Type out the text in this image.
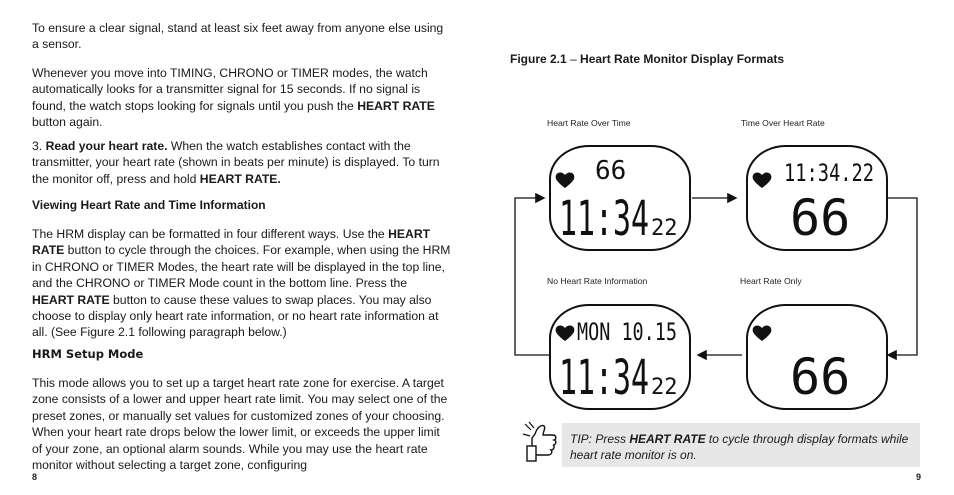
To ensure a clear signal, stand at least six feet away from anyone else using a sensor.

Whenever you move into TIMING, CHRONO or TIMER modes, the watch automatically looks for a transmitter signal for 15 seconds. If no signal is found, the watch stops looking for signals until you push the HEART RATE button again.

3. Read your heart rate. When the watch establishes contact with the transmitter, your heart rate (shown in beats per minute) is displayed. To turn the monitor off, press and hold HEART RATE.

Viewing Heart Rate and Time Information

The HRM display can be formatted in four different ways. Use the HEART RATE button to cycle through the choices. For example, when using the HRM in CHRONO or TIMER Modes, the heart rate will be displayed in the top line, and the CHRONO or TIMER Mode count in the bottom line. Press the HEART RATE button to cause these values to swap places. You may also choose to display only heart rate information, or no heart rate information at all. (See Figure 2.1 following paragraph below.)

HRM Setup Mode

This mode allows you to set up a target heart rate zone for exercise. A target zone consists of a lower and upper heart rate limit. You may select one of the preset zones, or manually set values for customized zones of your choosing. When your heart rate drops below the lower limit, or exceeds the upper limit of your zone, an optional alarm sounds. While you may use the heart rate monitor without selecting a target zone, configuring

8

Figure 2.1 – Heart Rate Monitor Display Formats

Heart Rate Over Time	Time Over Heart Rate
No Heart Rate Information	Heart Rate Only
66
11:34 22
11:34.22
66
MON 10.15
11:34 22 66

TIP: Press HEART RATE to cycle through display formats while heart rate monitor is on.

9
